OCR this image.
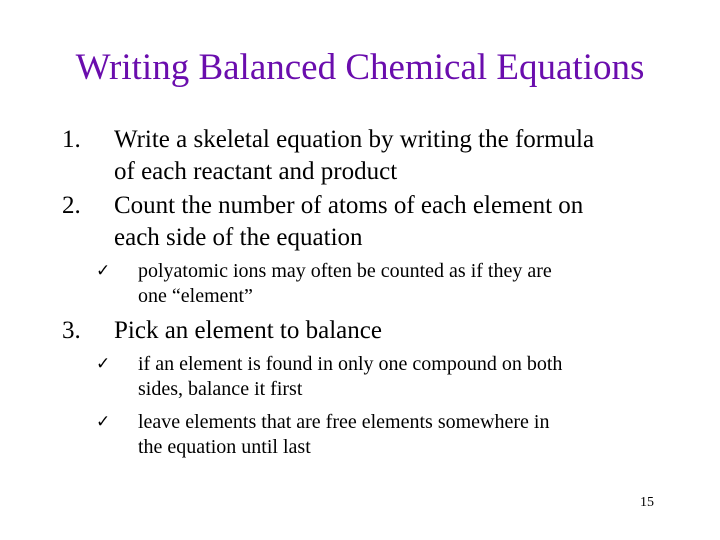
Writing Balanced Chemical Equations
1. Write a skeletal equation by writing the formula
of each reactant and product
2. Count the number of atoms of each element on
each side of the equation
✓ polyatomic ions may often be counted as if they are
one “element”
3. Pick an element to balance
✓ if an element is found in only one compound on both
sides, balance it first
✓ leave elements that are free elements somewhere in
the equation until last
15
